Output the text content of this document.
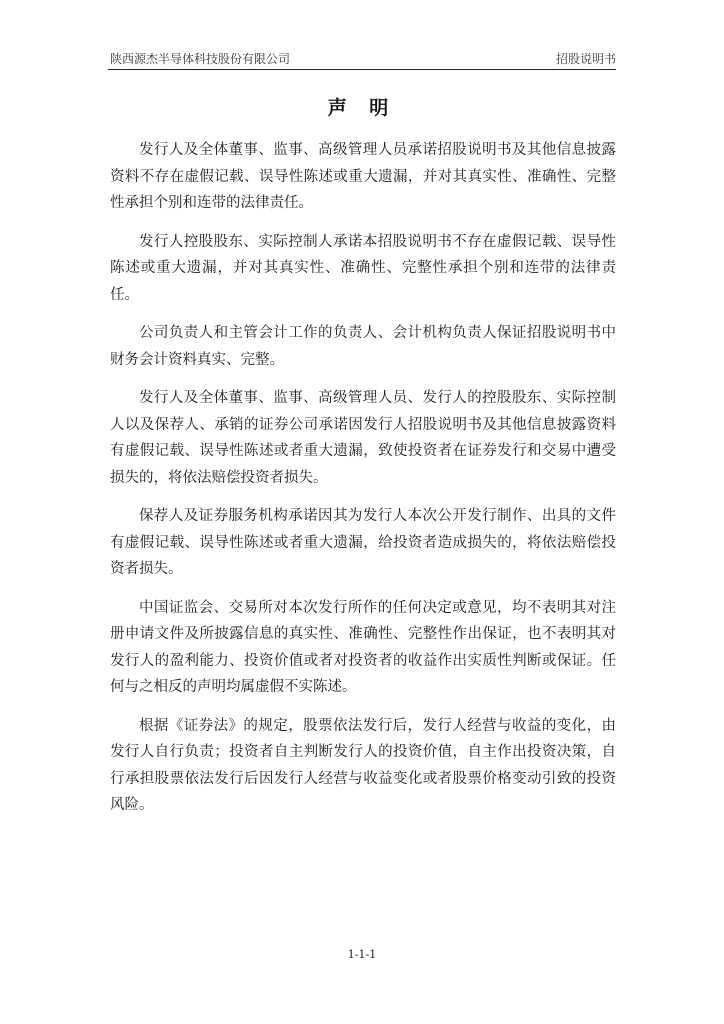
陕西源杰半导体科技股份有限公司	招股说明书
声 明

发行人及全体董事、监事、高级管理人员承诺招股说明书及其他信息披露资料不存在虚假记载、误导性陈述或重大遗漏，并对其真实性、准确性、完整性承担个别和连带的法律责任。

发行人控股股东、实际控制人承诺本招股说明书不存在虚假记载、误导性陈述或重大遗漏，并对其真实性、准确性、完整性承担个别和连带的法律责任。

公司负责人和主管会计工作的负责人、会计机构负责人保证招股说明书中财务会计资料真实、完整。

发行人及全体董事、监事、高级管理人员、发行人的控股股东、实际控制人以及保荐人、承销的证券公司承诺因发行人招股说明书及其他信息披露资料有虚假记载、误导性陈述或者重大遗漏，致使投资者在证券发行和交易中遭受损失的，将依法赔偿投资者损失。

保荐人及证券服务机构承诺因其为发行人本次公开发行制作、出具的文件有虚假记载、误导性陈述或者重大遗漏，给投资者造成损失的，将依法赔偿投资者损失。

中国证监会、交易所对本次发行所作的任何决定或意见，均不表明其对注册申请文件及所披露信息的真实性、准确性、完整性作出保证，也不表明其对发行人的盈利能力、投资价值或者对投资者的收益作出实质性判断或保证。任何与之相反的声明均属虚假不实陈述。

根据《证券法》的规定，股票依法发行后，发行人经营与收益的变化，由发行人自行负责；投资者自主判断发行人的投资价值，自主作出投资决策，自行承担股票依法发行后因发行人经营与收益变化或者股票价格变动引致的投资风险。

1-1-1
